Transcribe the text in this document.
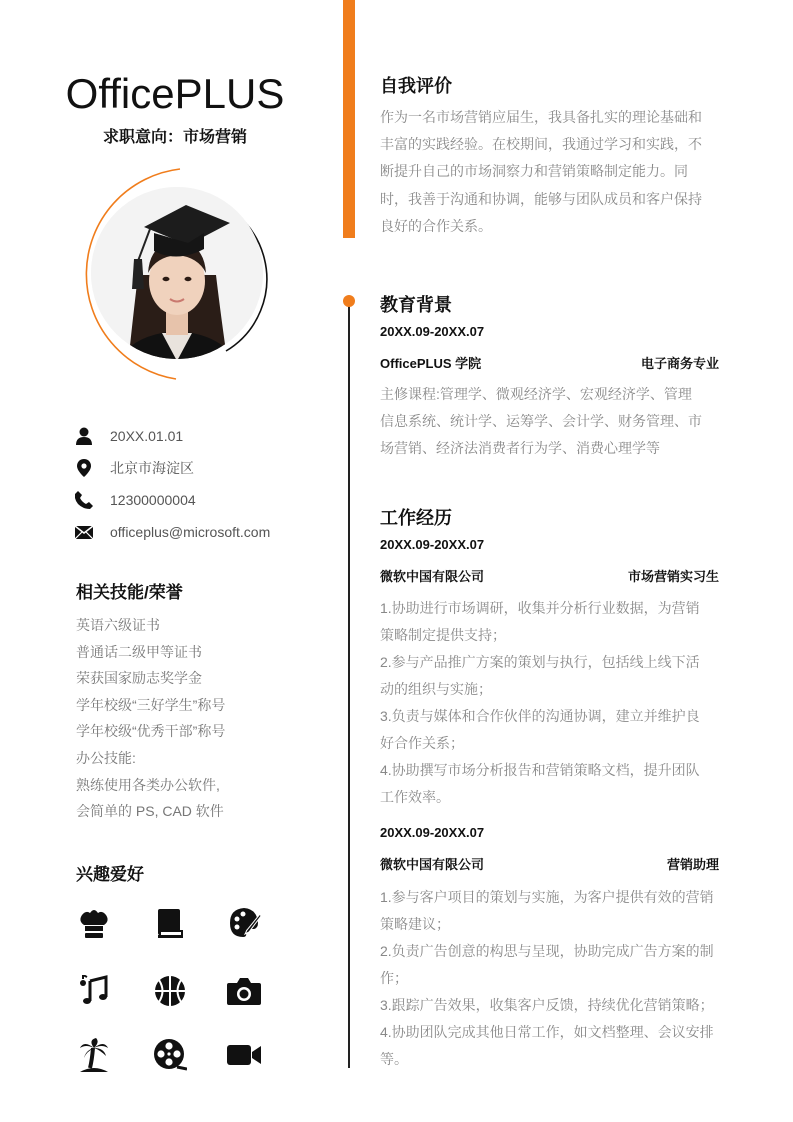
OfficePLUS
求职意向：市场营销
20XX.01.01
北京市海淀区
12300000004
officeplus@microsoft.com
相关技能/荣誉
英语六级证书
普通话二级甲等证书
荣获国家励志奖学金
学年校级“三好学生”称号
学年校级“优秀干部”称号
办公技能:
熟练使用各类办公软件,
会简单的 PS, CAD 软件
兴趣爱好
自我评价
作为一名市场营销应届生，我具备扎实的理论基础和
丰富的实践经验。在校期间，我通过学习和实践，不
断提升自己的市场洞察力和营销策略制定能力。同
时，我善于沟通和协调，能够与团队成员和客户保持
良好的合作关系。
教育背景
20XX.09-20XX.07
OfficePLUS 学院	电子商务专业
主修课程:管理学、微观经济学、宏观经济学、管理
信息系统、统计学、运筹学、会计学、财务管理、市
场营销、经济法消费者行为学、消费心理学等
工作经历
20XX.09-20XX.07
微软中国有限公司	市场营销实习生
1.协助进行市场调研，收集并分析行业数据，为营销
策略制定提供支持；
2.参与产品推广方案的策划与执行，包括线上线下活
动的组织与实施；
3.负责与媒体和合作伙伴的沟通协调，建立并维护良
好合作关系；
4.协助撰写市场分析报告和营销策略文档，提升团队
工作效率。
20XX.09-20XX.07
微软中国有限公司	营销助理
1.参与客户项目的策划与实施，为客户提供有效的营销
策略建议；
2.负责广告创意的构思与呈现，协助完成广告方案的制
作；
3.跟踪广告效果，收集客户反馈，持续优化营销策略；
4.协助团队完成其他日常工作，如文档整理、会议安排
等。
